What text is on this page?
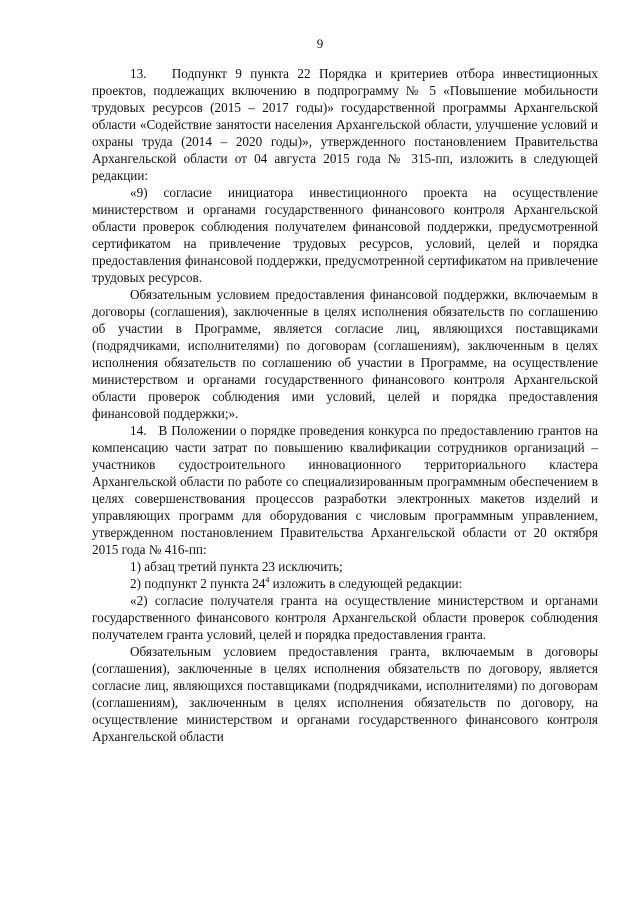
9

13.   Подпункт 9 пункта 22 Порядка и критериев отбора инвестиционных проектов, подлежащих включению в подпрограмму № 5 «Повышение мобильности трудовых ресурсов (2015 – 2017 годы)» государственной программы Архангельской области «Содействие занятости населения Архангельской области, улучшение условий и охраны труда (2014 – 2020 годы)», утвержденного постановлением Правительства Архангельской области от 04 августа 2015 года № 315-пп, изложить в следующей редакции:

«9) согласие инициатора инвестиционного проекта на осуществление министерством и органами государственного финансового контроля Архангельской области проверок соблюдения получателем финансовой поддержки, предусмотренной сертификатом на привлечение трудовых ресурсов, условий, целей и порядка предоставления финансовой поддержки, предусмотренной сертификатом на привлечение трудовых ресурсов.

Обязательным условием предоставления финансовой поддержки, включаемым в договоры (соглашения), заключенные в целях исполнения обязательств по соглашению об участии в Программе, является согласие лиц, являющихся поставщиками (подрядчиками, исполнителями) по договорам (соглашениям), заключенным в целях исполнения обязательств по соглашению об участии в Программе, на осуществление министерством и органами государственного финансового контроля Архангельской области проверок соблюдения ими условий, целей и порядка предоставления финансовой поддержки;».

14.   В Положении о порядке проведения конкурса по предоставлению грантов на компенсацию части затрат по повышению квалификации сотрудников организаций – участников судостроительного инновационного территориального кластера Архангельской области по работе со специализированным программным обеспечением в целях совершенствования процессов разработки электронных макетов изделий и управляющих программ для оборудования с числовым программным управлением, утвержденном постановлением Правительства Архангельской области от 20 октября 2015 года № 416-пп:

1) абзац третий пункта 23 исключить;

2) подпункт 2 пункта $24^4$ изложить в следующей редакции:

«2) согласие получателя гранта на осуществление министерством и органами государственного финансового контроля Архангельской области проверок соблюдения получателем гранта условий, целей и порядка предоставления гранта.

Обязательным условием предоставления гранта, включаемым в договоры (соглашения), заключенные в целях исполнения обязательств по договору, является согласие лиц, являющихся поставщиками (подрядчиками, исполнителями) по договорам (соглашениям), заключенным в целях исполнения обязательств по договору, на осуществление министерством и органами государственного финансового контроля Архангельской области
